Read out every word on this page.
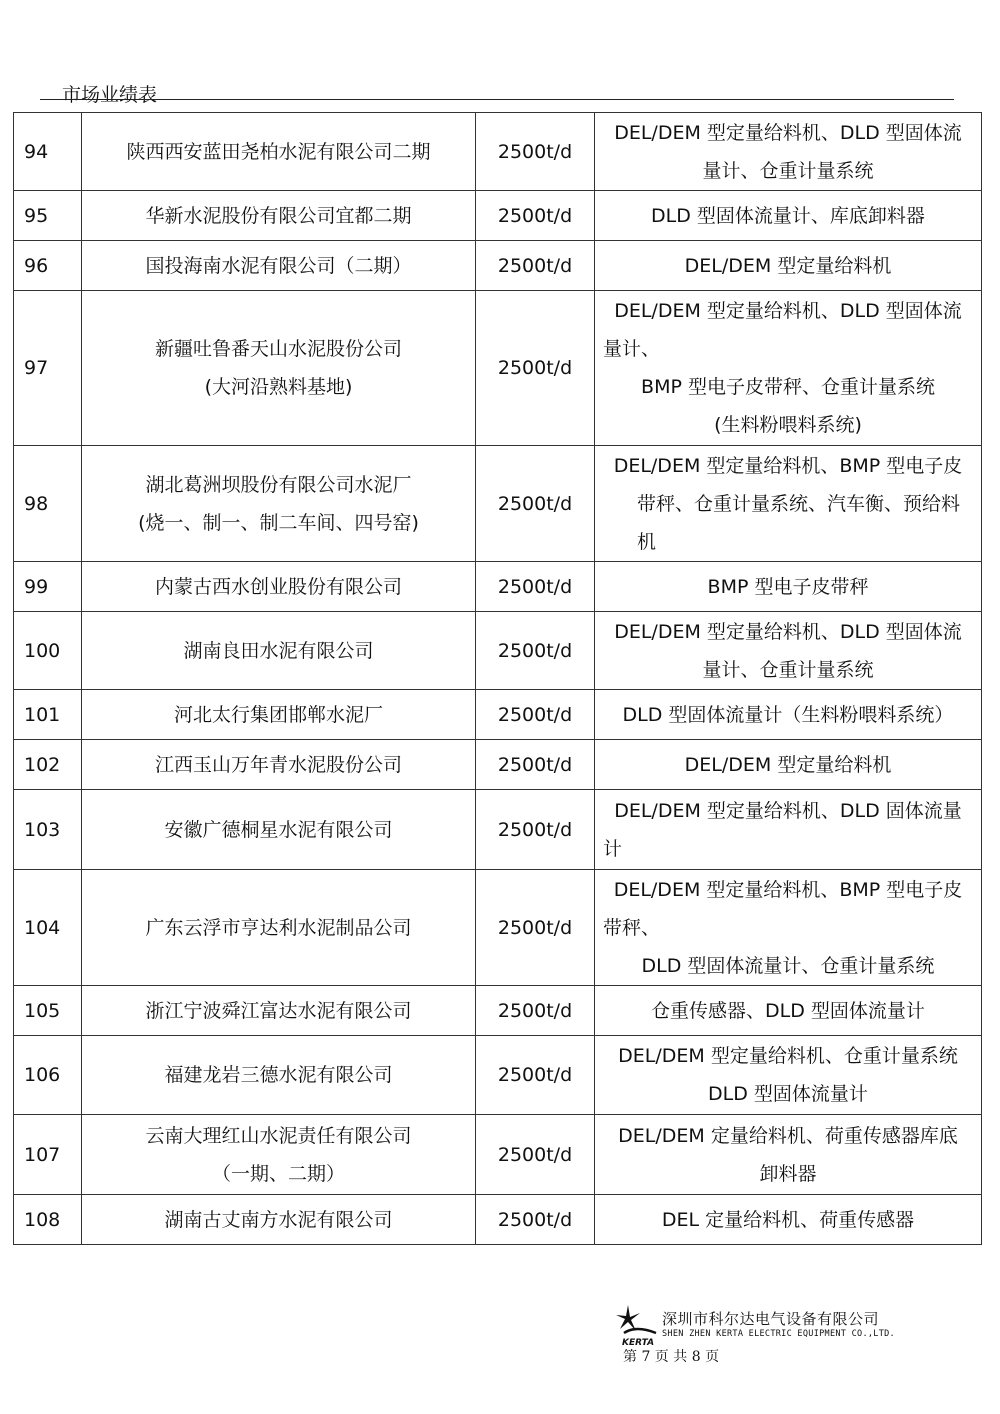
市场业绩表
94	陕西西安蓝田尧柏水泥有限公司二期	2500t/d	DEL/DEM 型定量给料机、DLD 型固体流
量计、仓重计量系统

95	华新水泥股份有限公司宜都二期	2500t/d	DLD 型固体流量计、库底卸料器

96	国投海南水泥有限公司（二期）	2500t/d	DEL/DEM 型定量给料机

97	新疆吐鲁番天山水泥股份公司
(大河沿熟料基地)	2500t/d	DEL/DEM 型定量给料机、DLD 型固体流
量计、
BMP 型电子皮带秤、仓重计量系统
(生料粉喂料系统)

98	湖北葛洲坝股份有限公司水泥厂
(烧一、制一、制二车间、四号窑)	2500t/d	DEL/DEM 型定量给料机、BMP 型电子皮
带秤、仓重计量系统、汽车衡、预给料
机

99	内蒙古西水创业股份有限公司	2500t/d	BMP 型电子皮带秤

100	湖南良田水泥有限公司	2500t/d	DEL/DEM 型定量给料机、DLD 型固体流
量计、仓重计量系统

101	河北太行集团邯郸水泥厂	2500t/d	DLD 型固体流量计（生料粉喂料系统）

102	江西玉山万年青水泥股份公司	2500t/d	DEL/DEM 型定量给料机

103	安徽广德桐星水泥有限公司	2500t/d	DEL/DEM 型定量给料机、DLD 固体流量
计

104	广东云浮市亨达利水泥制品公司	2500t/d	DEL/DEM 型定量给料机、BMP 型电子皮
带秤、
DLD 型固体流量计、仓重计量系统

105	浙江宁波舜江富达水泥有限公司	2500t/d	仓重传感器、DLD 型固体流量计

106	福建龙岩三德水泥有限公司	2500t/d	DEL/DEM 型定量给料机、仓重计量系统
DLD 型固体流量计

107	云南大理红山水泥责任有限公司
（一期、二期）	2500t/d	DEL/DEM 定量给料机、荷重传感器库底
卸料器

108	湖南古丈南方水泥有限公司	2500t/d	DEL 定量给料机、荷重传感器
KERTA
深圳市科尔达电气设备有限公司
SHEN ZHEN KERTA ELECTRIC EQUIPMENT CO.,LTD.
第 7 页 共 8 页
